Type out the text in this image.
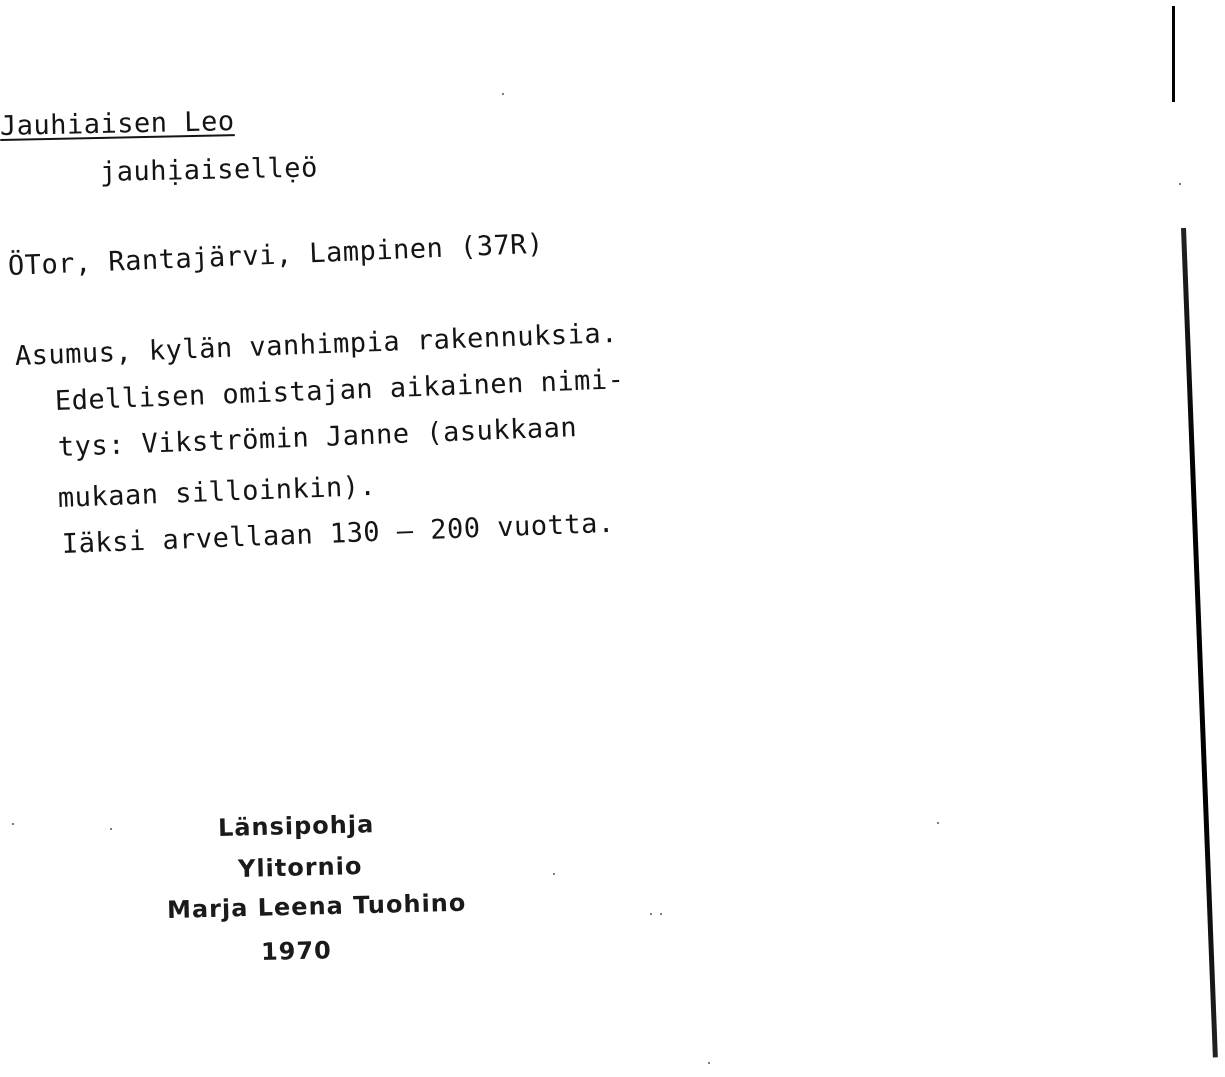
Jauhiaisen Leo
jauhịaisellẹö
ÖTor, Rantajärvi, Lampinen (37R)
Asumus, kylän vanhimpia rakennuksia.
Edellisen omistajan aikainen nimi-
tys: Vikströmin Janne (asukkaan
mukaan silloinkin).
Iäksi arvellaan 130 — 200 vuotta.
Länsipohja
Ylitornio
Marja Leena Tuohino
1970
